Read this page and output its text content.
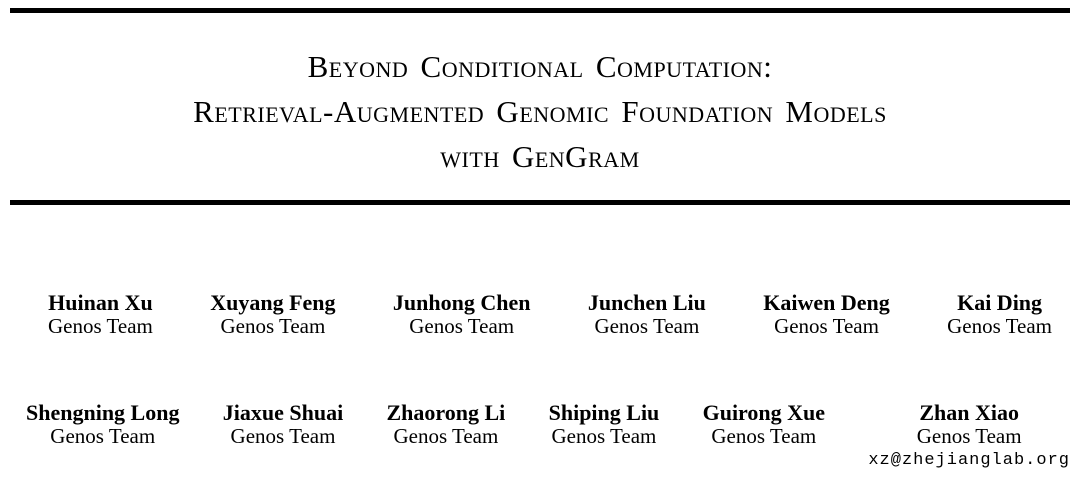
Beyond Conditional Computation:
Retrieval-Augmented Genomic Foundation Models
with GenGram
Huinan Xu
Genos Team
Xuyang Feng
Genos Team
Junhong Chen
Genos Team
Junchen Liu
Genos Team
Kaiwen Deng
Genos Team
Kai Ding
Genos Team
Shengning Long
Genos Team
Jiaxue Shuai
Genos Team
Zhaorong Li
Genos Team
Shiping Liu
Genos Team
Guirong Xue
Genos Team
Zhan Xiao
Genos Team
xz@zhejianglab.org
